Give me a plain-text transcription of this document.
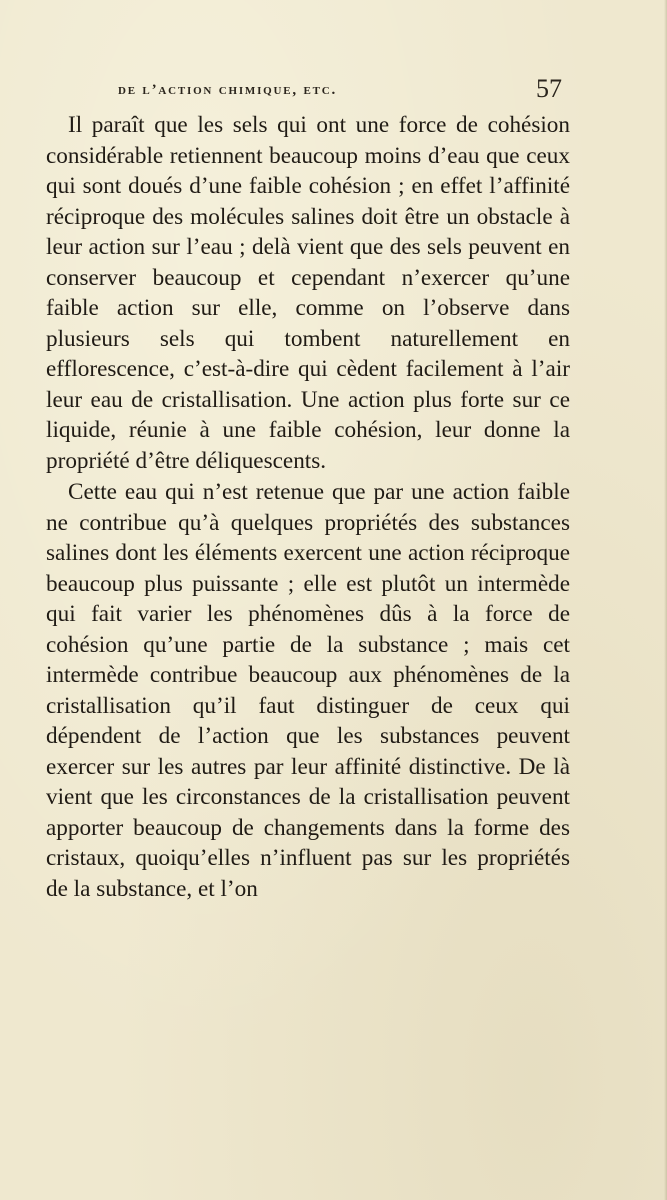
de l’action chimique, etc.	57

Il paraît que les sels qui ont une force de cohésion considérable retiennent beaucoup moins d’eau que ceux qui sont doués d’une faible cohésion ; en effet l’affinité réciproque des molécules salines doit être un obstacle à leur action sur l’eau ; delà vient que des sels peuvent en conserver beaucoup et cependant n’exercer qu’une faible action sur elle, comme on l’observe dans plusieurs sels qui tombent naturellement en efflorescence, c’est-à-dire qui cèdent facilement à l’air leur eau de cristallisation. Une action plus forte sur ce liquide, réunie à une faible cohésion, leur donne la propriété d’être déliquescents.

Cette eau qui n’est retenue que par une action faible ne contribue qu’à quelques propriétés des substances salines dont les éléments exercent une action réciproque beaucoup plus puissante ; elle est plutôt un intermède qui fait varier les phénomènes dûs à la force de cohésion qu’une partie de la substance ; mais cet intermède contribue beaucoup aux phénomènes de la cristallisation qu’il faut distinguer de ceux qui dépendent de l’action que les substances peuvent exercer sur les autres par leur affinité distinctive. De là vient que les circonstances de la cristallisation peuvent apporter beaucoup de changements dans la forme des cristaux, quoiqu’elles n’influent pas sur les propriétés de la substance, et l’on
